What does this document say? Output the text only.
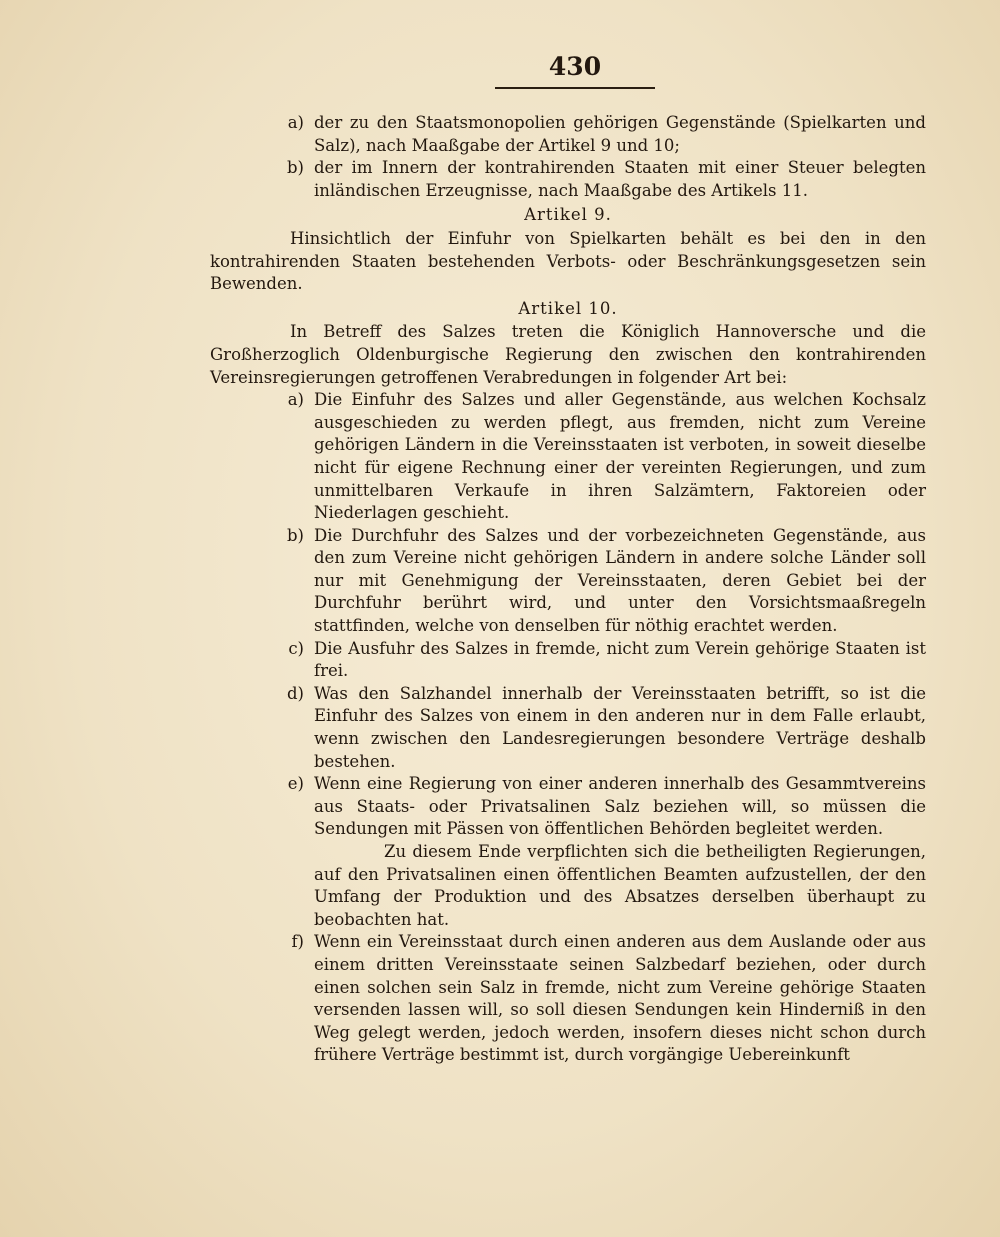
430
a) der zu den Staatsmonopolien gehörigen Gegenstände (Spielkarten und Salz), nach Maaßgabe der Artikel 9 und 10;
b) der im Innern der kontrahirenden Staaten mit einer Steuer belegten inländischen Erzeugnisse, nach Maaßgabe des Artikels 11.
Artikel 9.
Hinsichtlich der Einfuhr von Spielkarten behält es bei den in den kontrahirenden Staaten bestehenden Verbots- oder Beschränkungsgesetzen sein Bewenden.
Artikel 10.
In Betreff des Salzes treten die Königlich Hannoversche und die Großherzoglich Oldenburgische Regierung den zwischen den kontrahirenden Vereinsregierungen getroffenen Verabredungen in folgender Art bei:
a) Die Einfuhr des Salzes und aller Gegenstände, aus welchen Kochsalz ausgeschieden zu werden pflegt, aus fremden, nicht zum Vereine gehörigen Ländern in die Vereinsstaaten ist verboten, in soweit dieselbe nicht für eigene Rechnung einer der vereinten Regierungen, und zum unmittelbaren Verkaufe in ihren Salzämtern, Faktoreien oder Niederlagen geschieht.
b) Die Durchfuhr des Salzes und der vorbezeichneten Gegenstände, aus den zum Vereine nicht gehörigen Ländern in andere solche Länder soll nur mit Genehmigung der Vereinsstaaten, deren Gebiet bei der Durchfuhr berührt wird, und unter den Vorsichtsmaaßregeln stattfinden, welche von denselben für nöthig erachtet werden.
c) Die Ausfuhr des Salzes in fremde, nicht zum Verein gehörige Staaten ist frei.
d) Was den Salzhandel innerhalb der Vereinsstaaten betrifft, so ist die Einfuhr des Salzes von einem in den anderen nur in dem Falle erlaubt, wenn zwischen den Landesregierungen besondere Verträge deshalb bestehen.
e) Wenn eine Regierung von einer anderen innerhalb des Gesammtvereins aus Staats- oder Privatsalinen Salz beziehen will, so müssen die Sendungen mit Pässen von öffentlichen Behörden begleitet werden.
Zu diesem Ende verpflichten sich die betheiligten Regierungen, auf den Privatsalinen einen öffentlichen Beamten aufzustellen, der den Umfang der Produktion und des Absatzes derselben überhaupt zu beobachten hat.
f) Wenn ein Vereinsstaat durch einen anderen aus dem Auslande oder aus einem dritten Vereinsstaate seinen Salzbedarf beziehen, oder durch einen solchen sein Salz in fremde, nicht zum Vereine gehörige Staaten versenden lassen will, so soll diesen Sendungen kein Hinderniß in den Weg gelegt werden, jedoch werden, insofern dieses nicht schon durch frühere Verträge bestimmt ist, durch vorgängige Uebereinkunft
